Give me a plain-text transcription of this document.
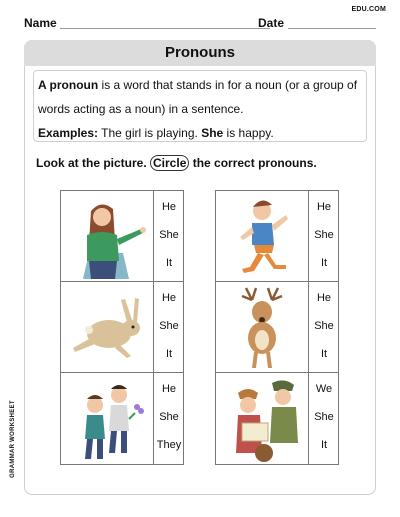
EDU.COM
Name	Date
Pronouns
A pronoun is a word that stands in for a noun (or a group of words acting as a noun) in a sentence.
Examples: The girl is playing. She is happy.
Look at the picture. Circle the correct pronouns.
He
She
It
He
She
It
He
She
They
He
She
It
He
She
It
We
She
It
GRAMMAR WORKSHEET
